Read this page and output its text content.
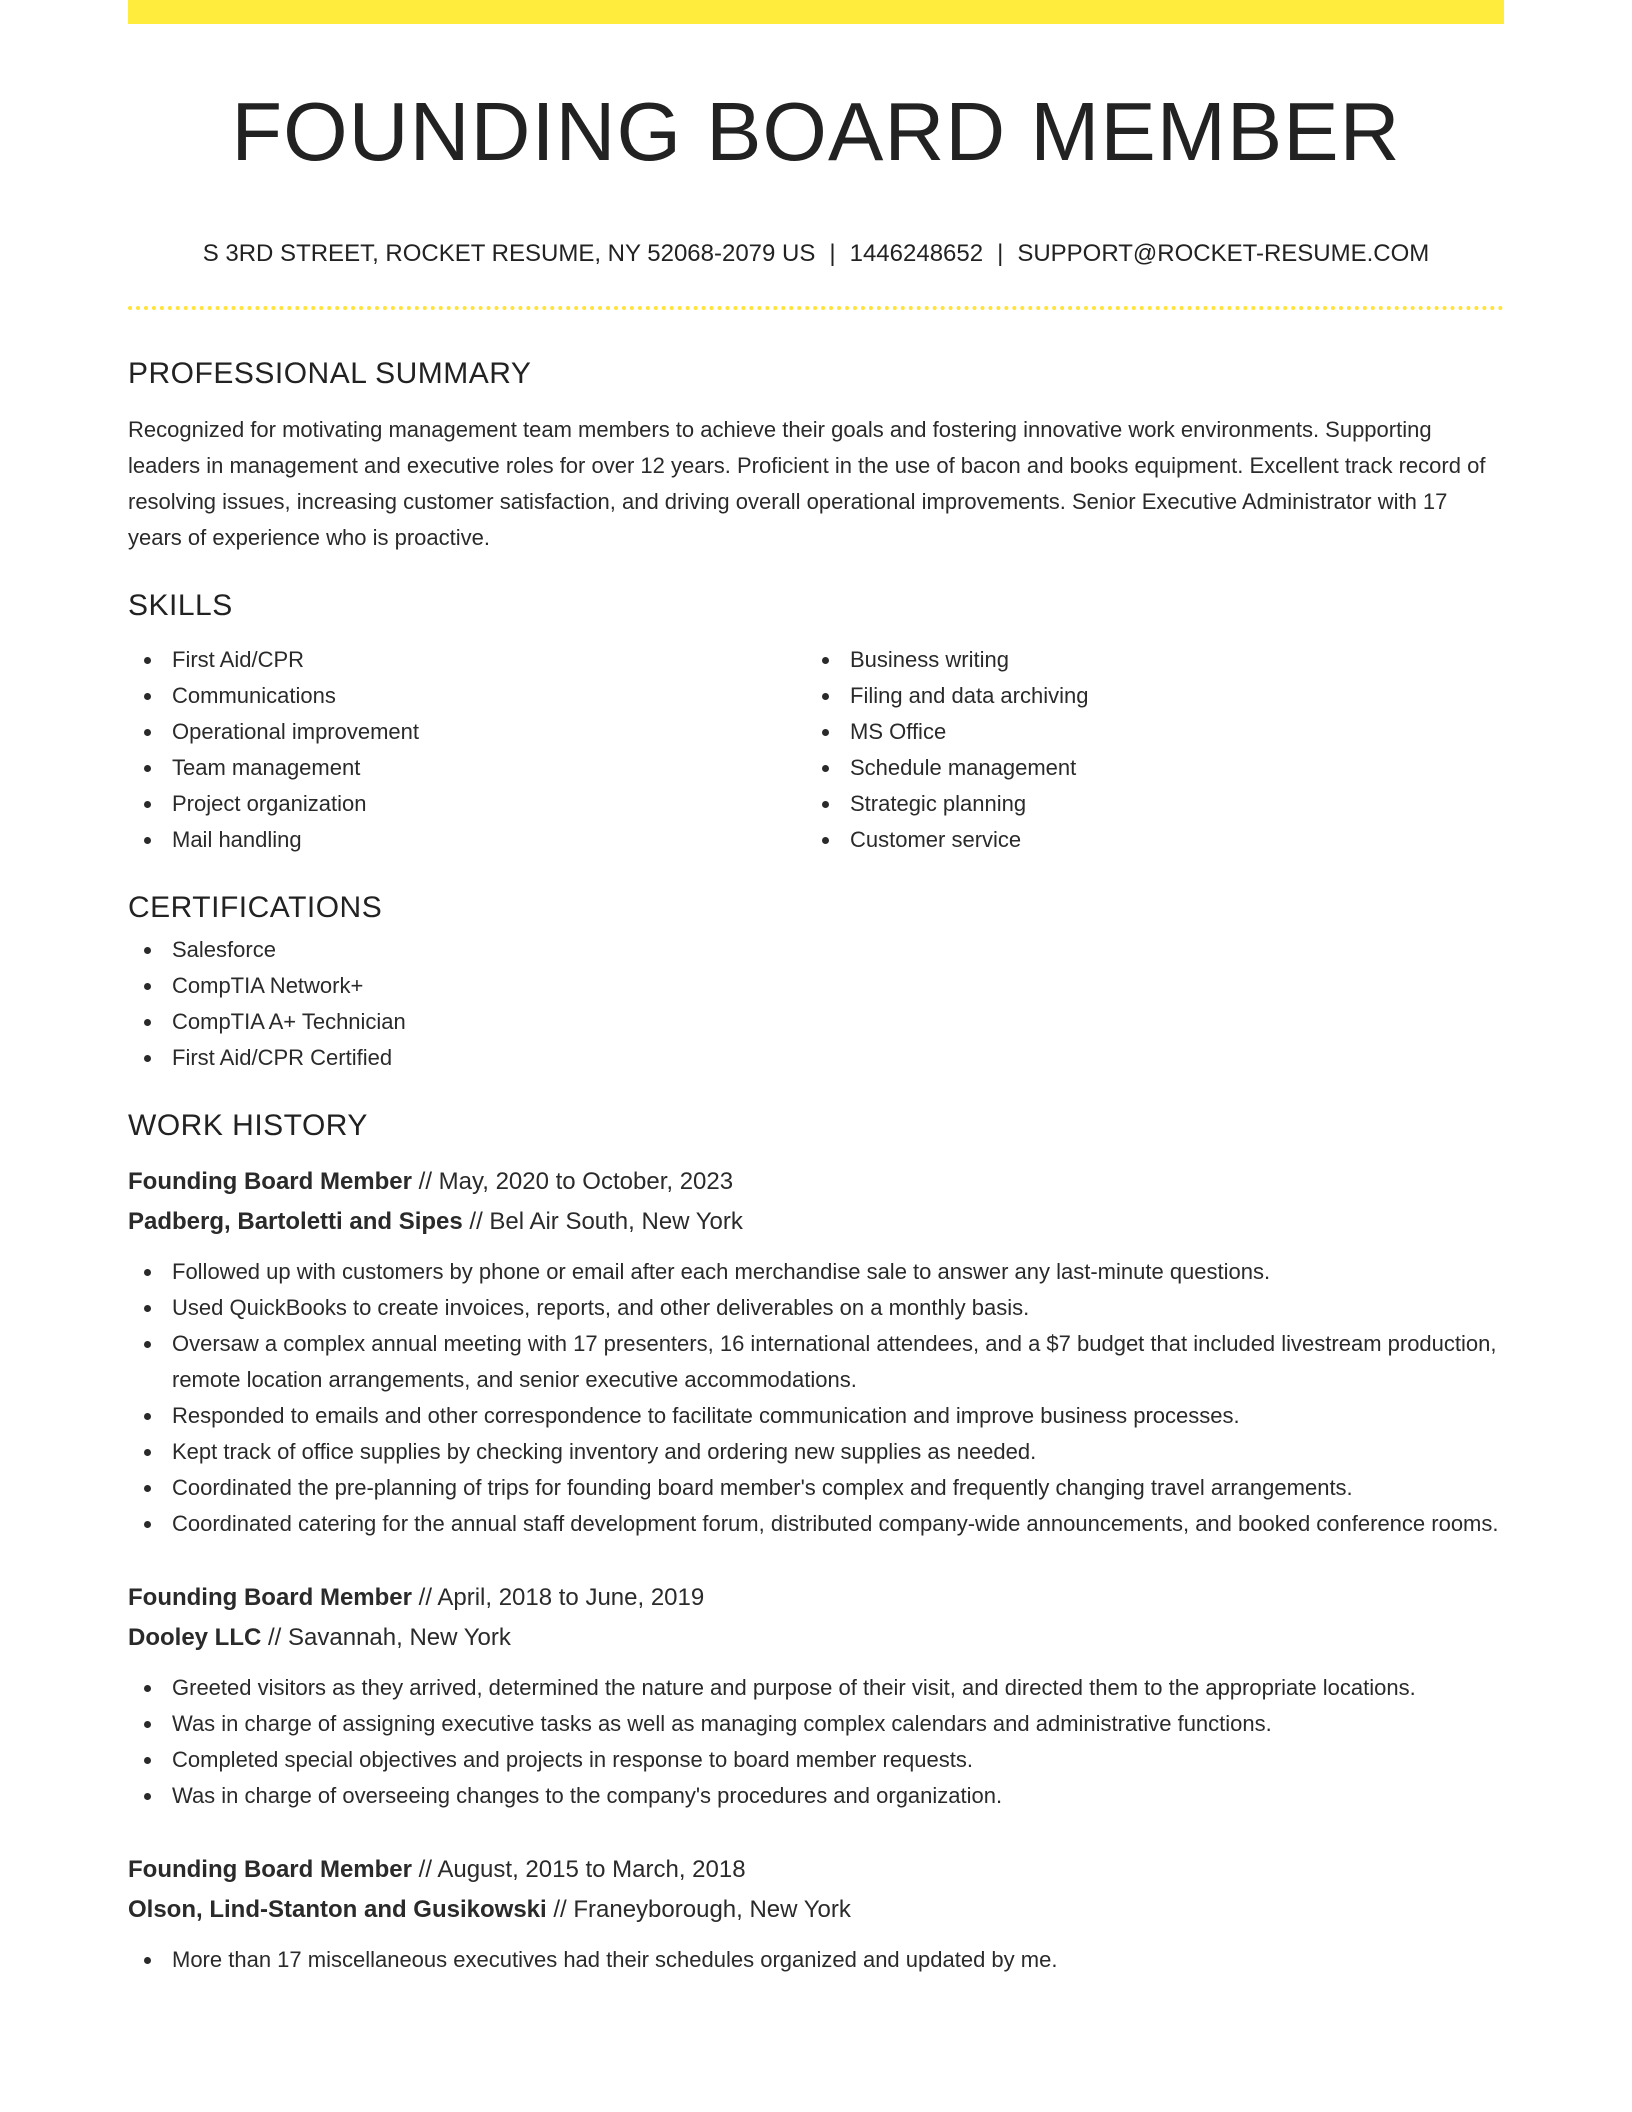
FOUNDING BOARD MEMBER
S 3RD STREET, ROCKET RESUME, NY 52068-2079 US | 1446248652 | SUPPORT@ROCKET-RESUME.COM
PROFESSIONAL SUMMARY

Recognized for motivating management team members to achieve their goals and fostering innovative work environments. Supporting leaders in management and executive roles for over 12 years. Proficient in the use of bacon and books equipment. Excellent track record of resolving issues, increasing customer satisfaction, and driving overall operational improvements. Senior Executive Administrator with 17 years of experience who is proactive.

SKILLS
First Aid/CPR
Communications
Operational improvement
Team management
Project organization
Mail handling
Business writing
Filing and data archiving
MS Office
Schedule management
Strategic planning
Customer service
CERTIFICATIONS
Salesforce
CompTIA Network+
CompTIA A+ Technician
First Aid/CPR Certified
WORK HISTORY
Founding Board Member // May, 2020 to October, 2023
Padberg, Bartoletti and Sipes // Bel Air South, New York
Followed up with customers by phone or email after each merchandise sale to answer any last-minute questions.
Used QuickBooks to create invoices, reports, and other deliverables on a monthly basis.
Oversaw a complex annual meeting with 17 presenters, 16 international attendees, and a $7 budget that included livestream production, remote location arrangements, and senior executive accommodations.
Responded to emails and other correspondence to facilitate communication and improve business processes.
Kept track of office supplies by checking inventory and ordering new supplies as needed.
Coordinated the pre-planning of trips for founding board member's complex and frequently changing travel arrangements.
Coordinated catering for the annual staff development forum, distributed company-wide announcements, and booked conference rooms.
Founding Board Member // April, 2018 to June, 2019
Dooley LLC // Savannah, New York
Greeted visitors as they arrived, determined the nature and purpose of their visit, and directed them to the appropriate locations.
Was in charge of assigning executive tasks as well as managing complex calendars and administrative functions.
Completed special objectives and projects in response to board member requests.
Was in charge of overseeing changes to the company's procedures and organization.
Founding Board Member // August, 2015 to March, 2018
Olson, Lind-Stanton and Gusikowski // Franeyborough, New York
More than 17 miscellaneous executives had their schedules organized and updated by me.
